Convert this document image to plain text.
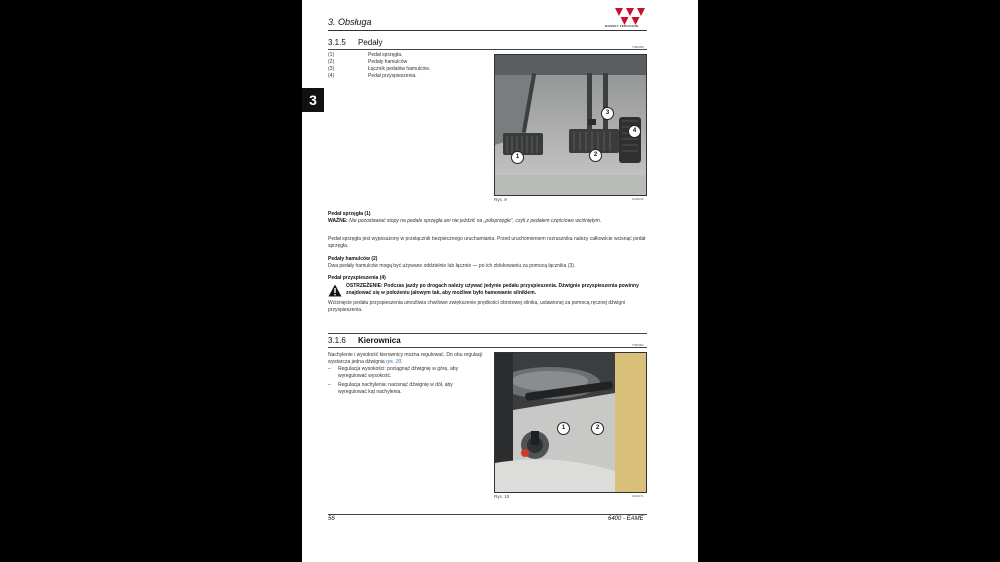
3
3. Obsługa	MASSEY FERGUSON
3.1.5 Pedały	T000450
(1)	Pedał sprzęgła.
(2)	Pedały hamulców
(3)	Łącznik pedałów hamulców.
(4)	Pedał przyspieszenia.
1	2
3
4
Rys. 9	1011019
Pedał sprzęgła (1)
WAŻNE: Nie pozostawiać stopy na pedale sprzęgła ani nie jeździć na „półsprzęgle”, czyli z pedałem częściowo wciśniętym.
Pedał sprzęgła jest wyposażony w przełącznik bezpiecznego uruchamiania. Przed uruchomieniem rozrusznika należy całkowicie wcisnąć pedał sprzęgła.
Pedały hamulców (2)
Dwa pedały hamulców mogą być używane oddzielnie lub łącznie — po ich zblokowaniu za pomocą łącznika (3).
Pedał przyspieszenia (4)
OSTRZEŻENIE: Podczas jazdy po drogach należy używać jedynie pedału przyspieszenia. Dźwignie przyspieszenia powinny znajdować się w położeniu jałowym tak, aby możliwe było hamowanie silnikiem.
Wciśnięcie pedału przyspieszenia umożliwia chwilowe zwiększenie prędkości obrotowej silnika, ustawionej za pomocą ręcznej dźwigni przyspieszenia.
3.1.6 Kierownica	T000451
Nachylenie i wysokość kierownicy można regulować. Do obu regulacji wystarcza jedna dźwignia rys. 10.
–	Regulacja wysokości: pociągnąć dźwignię w górę, aby wyregulować wysokość.
–	Regulacja nachylenia: nacisnąć dźwignię w dół, aby wyregulować kąt nachylenia.
1	2
Rys. 10	1011071
56	6400 - EAME
